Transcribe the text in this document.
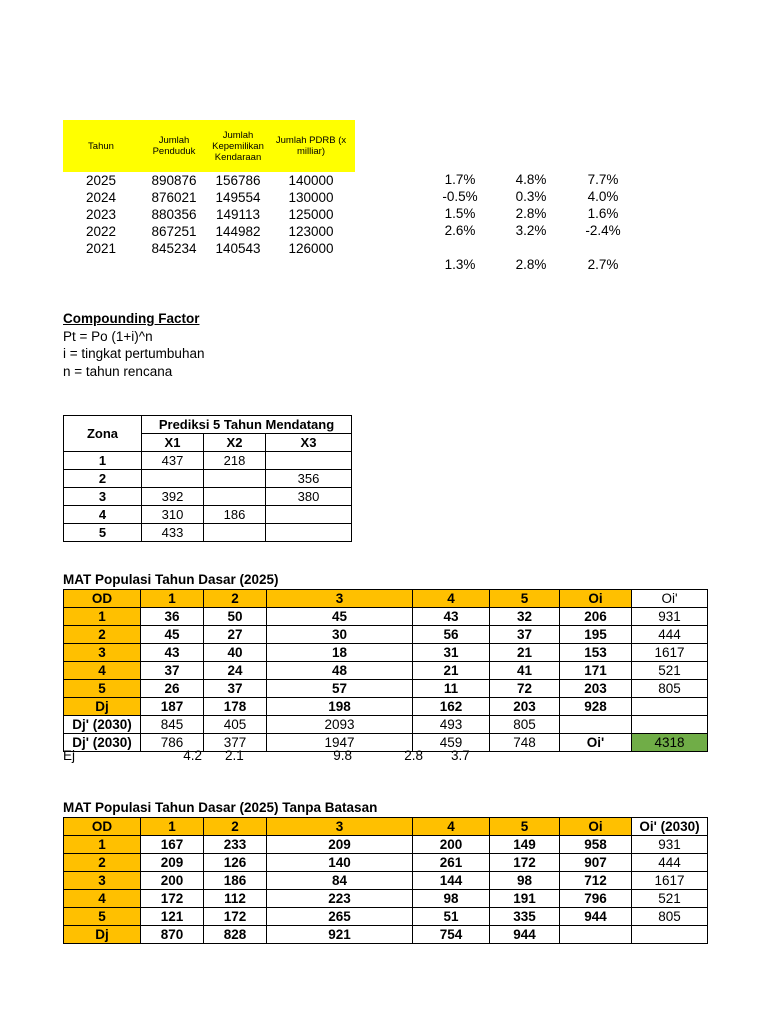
Tahun	Jumlah Penduduk	Jumlah Kepemilikan Kendaraan	Jumlah PDRB (x milliar)
2025	890876	156786	140000
2024	876021	149554	130000
2023	880356	149113	125000
2022	867251	144982	123000
2021	845234	140543	126000
1.7%	4.8%	7.7%
-0.5%	0.3%	4.0%
1.5%	2.8%	1.6%
2.6%	3.2%	-2.4%

1.3%	2.8%	2.7%
Compounding Factor
Pt = Po (1+i)^n
i = tingkat pertumbuhan
n = tahun rencana
Zona	Prediksi 5 Tahun Mendatang		
	X1	X2	X3
1	437	218	
2			356
3	392		380
4	310	186	
5	433		
MAT Populasi Tahun Dasar (2025)
OD	1	2	3	4	5	Oi	Oi'
1	36	50	45	43	32	206	931
2	45	27	30	56	37	195	444
3	43	40	18	31	21	153	1617
4	37	24	48	21	41	171	521
5	26	37	57	11	72	203	805
Dj	187	178	198	162	203	928	
Dj' (2030)	845	405	2093	493	805		
Dj' (2030)	786	377	1947	459	748	Oi'	4318
Ej	4.2 2.1	9.8	2.8 3.7
MAT Populasi Tahun Dasar (2025) Tanpa Batasan
OD	1	2	3	4	5	Oi	Oi' (2030)
1	167	233	209	200	149	958	931
2	209	126	140	261	172	907	444
3	200	186	84	144	98	712	1617
4	172	112	223	98	191	796	521
5	121	172	265	51	335	944	805
Dj	870	828	921	754	944		
